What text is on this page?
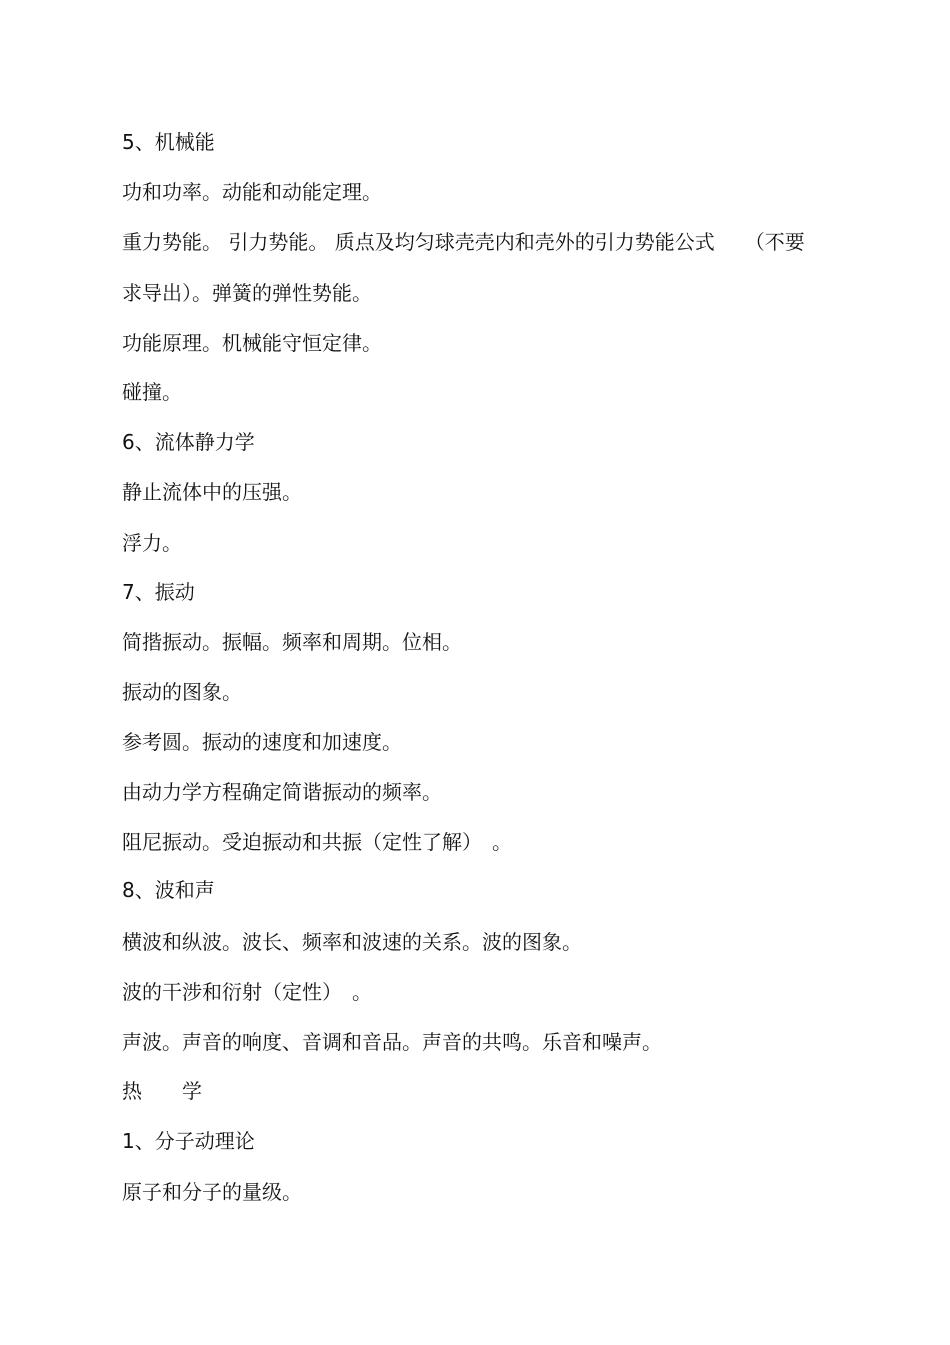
5、机械能

功和功率。动能和动能定理。

重力势能。 引力势能。 质点及均匀球壳壳内和壳外的引力势能公式　　（不要

求导出）。弹簧的弹性势能。

功能原理。机械能守恒定律。

碰撞。

6、流体静力学

静止流体中的压强。

浮力。

7、振动

简揩振动。振幅。频率和周期。位相。

振动的图象。

参考圆。振动的速度和加速度。

由动力学方程确定简谐振动的频率。

阻尼振动。受迫振动和共振（定性了解）　。

8、波和声

横波和纵波。波长、频率和波速的关系。波的图象。

波的干涉和衍射（定性）　。

声波。声音的响度、音调和音品。声音的共鸣。乐音和噪声。

热　　学

1、分子动理论

原子和分子的量级。
